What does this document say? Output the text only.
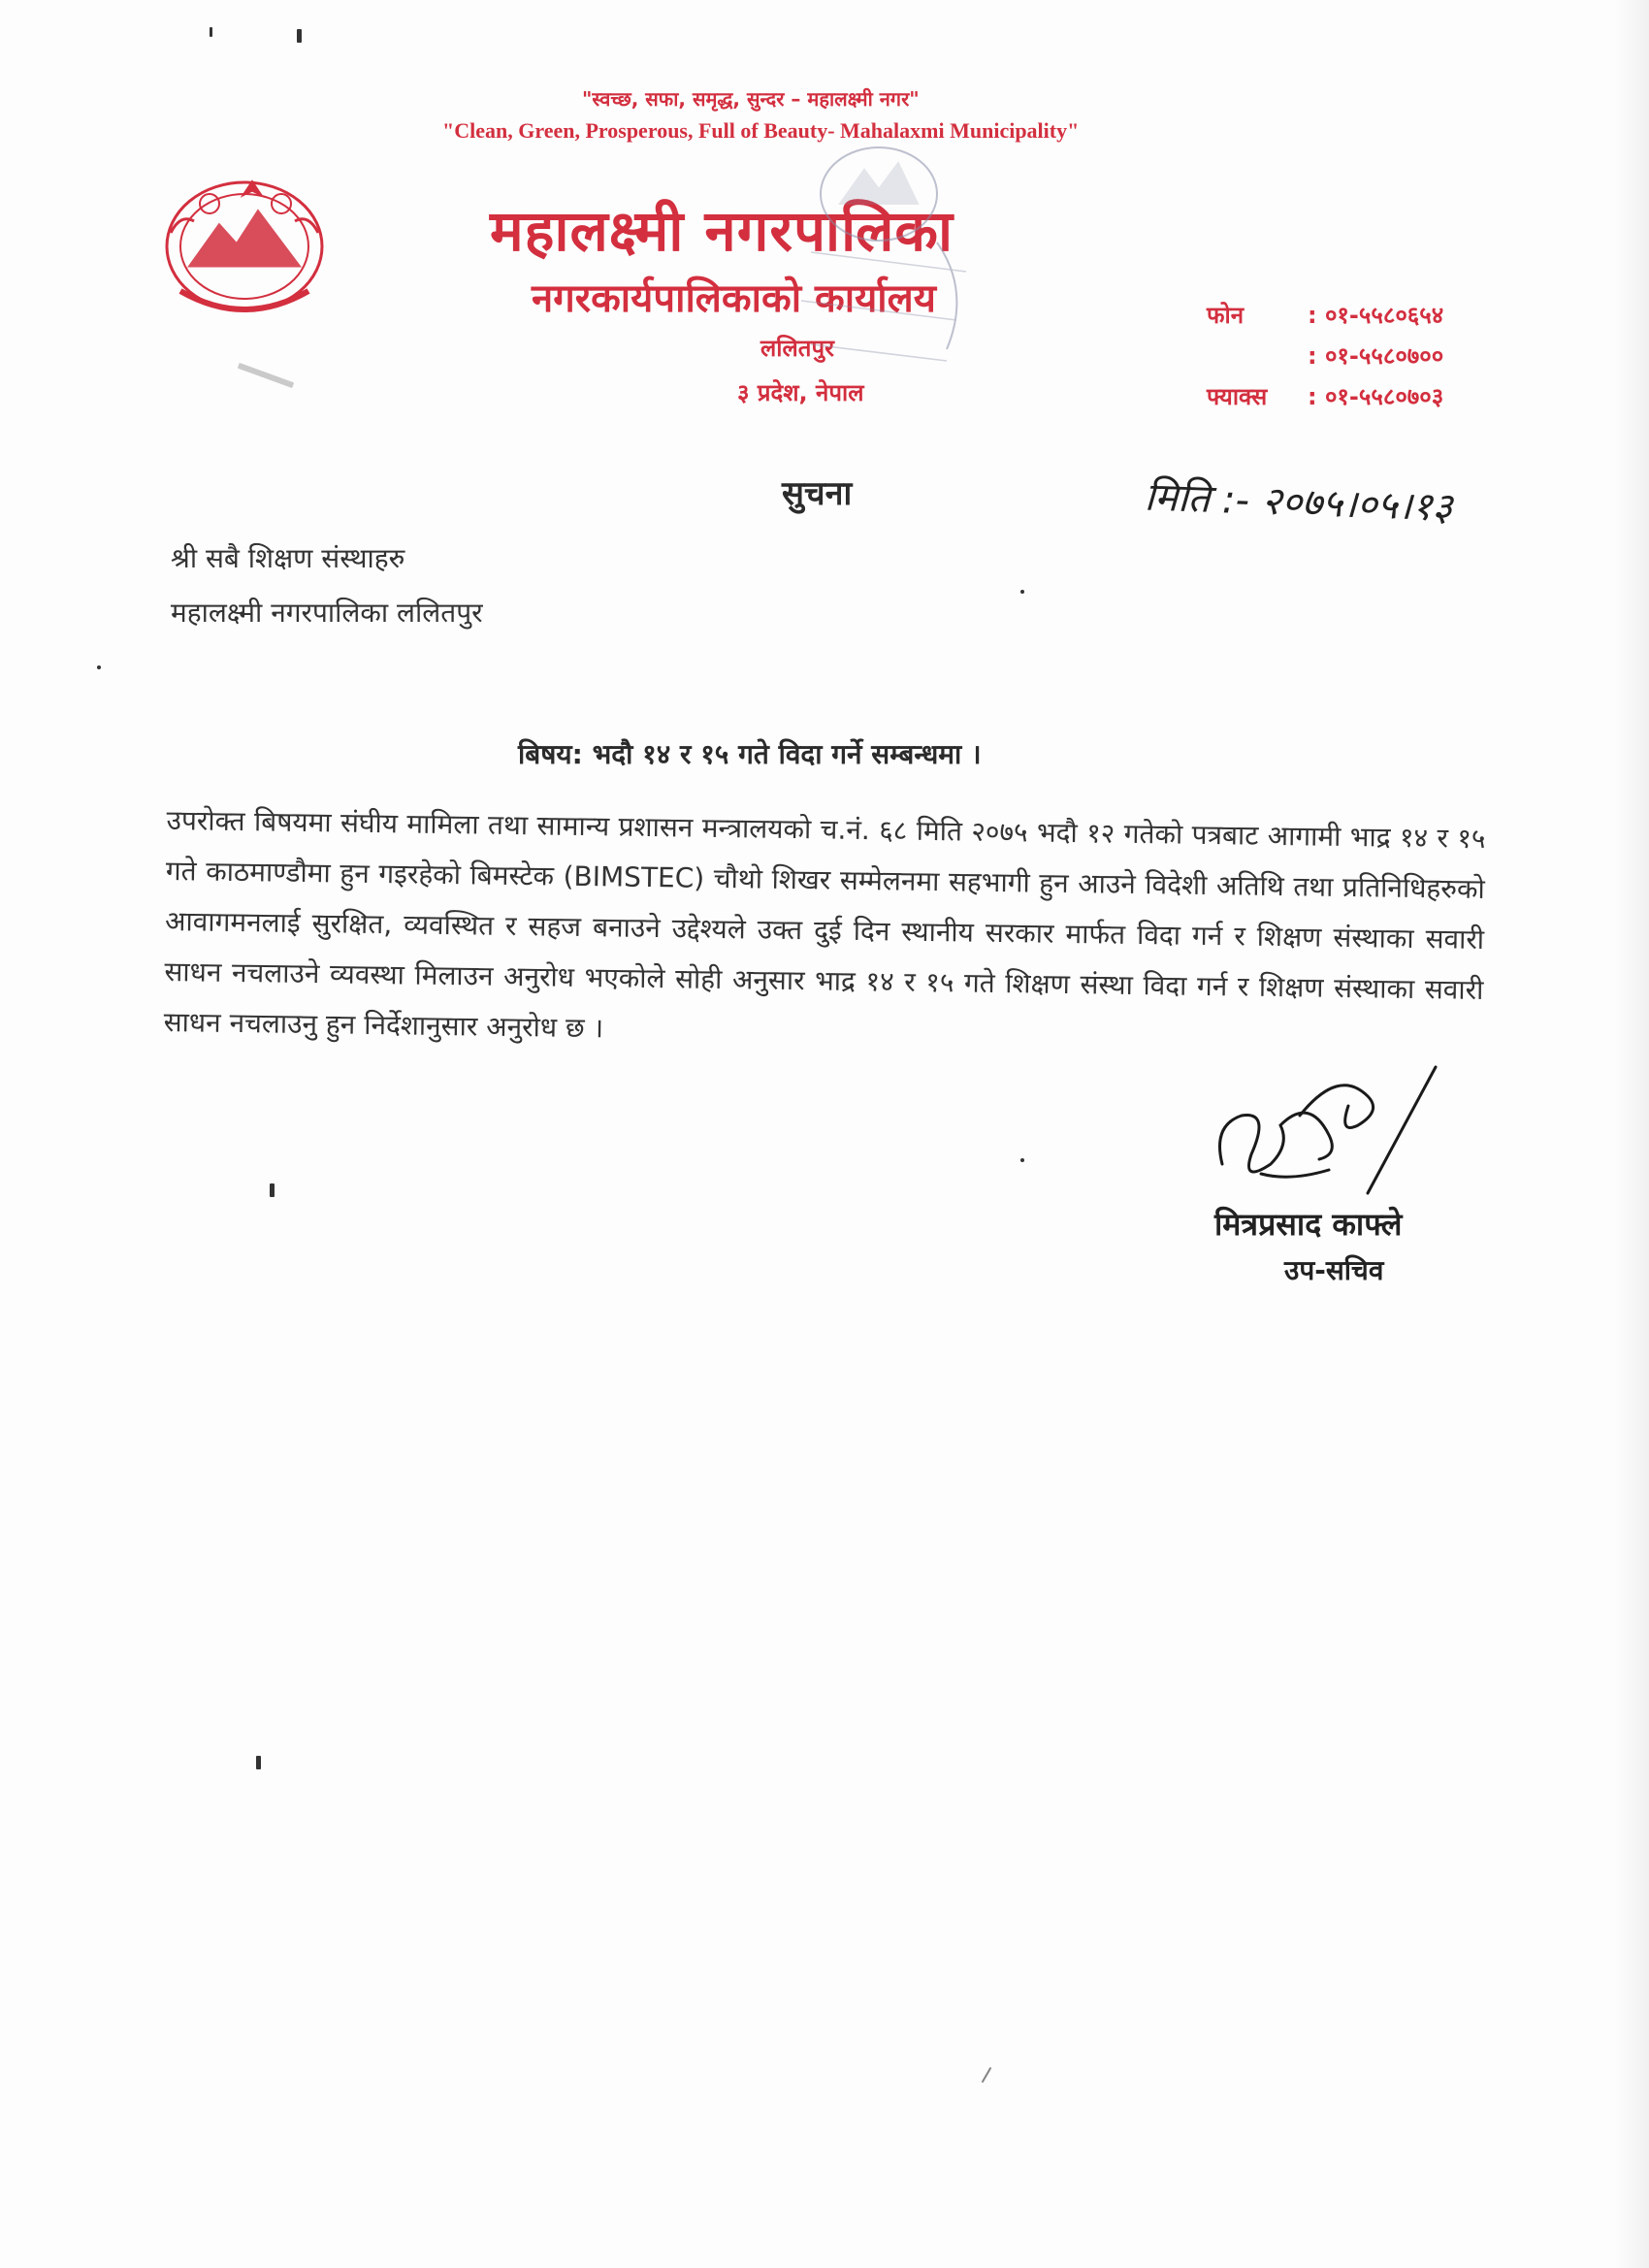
"स्वच्छ, सफा, समृद्ध, सुन्दर – महालक्ष्मी नगर"
"Clean, Green, Prosperous, Full of Beauty- Mahalaxmi Municipality"
महालक्ष्मी नगरपालिका
नगरकार्यपालिकाको कार्यालय
ललितपुर
३ प्रदेश, नेपाल
फोन	: ०१-५५८०६५४
: ०१-५५८०७००
फ्याक्स	: ०१-५५८०७०३
सुचना	मिति :- २०७५।०५।१३
श्री सबै शिक्षण संस्थाहरु
महालक्ष्मी नगरपालिका ललितपुर
बिषय: भदौ १४ र १५ गते विदा गर्ने सम्बन्धमा ।
उपरोक्त बिषयमा संघीय मामिला तथा सामान्य प्रशासन मन्त्रालयको च.नं. ६८ मिति २०७५ भदौ १२ गतेको पत्रबाट आगामी भाद्र १४ र १५ गते काठमाण्डौमा हुन गइरहेको बिमस्टेक (BIMSTEC) चौथो शिखर सम्मेलनमा सहभागी हुन आउने विदेशी अतिथि तथा प्रतिनिधिहरुको आवागमनलाई सुरक्षित, व्यवस्थित र सहज बनाउने उद्देश्यले उक्त दुई दिन स्थानीय सरकार मार्फत विदा गर्न र शिक्षण संस्थाका सवारी साधन नचलाउने व्यवस्था मिलाउन अनुरोध भएकोले सोही अनुसार भाद्र १४ र १५ गते शिक्षण संस्था विदा गर्न र शिक्षण संस्थाका सवारी साधन नचलाउनु हुन निर्देशानुसार अनुरोध छ ।
मित्रप्रसाद काफ्ले
उप-सचिव
